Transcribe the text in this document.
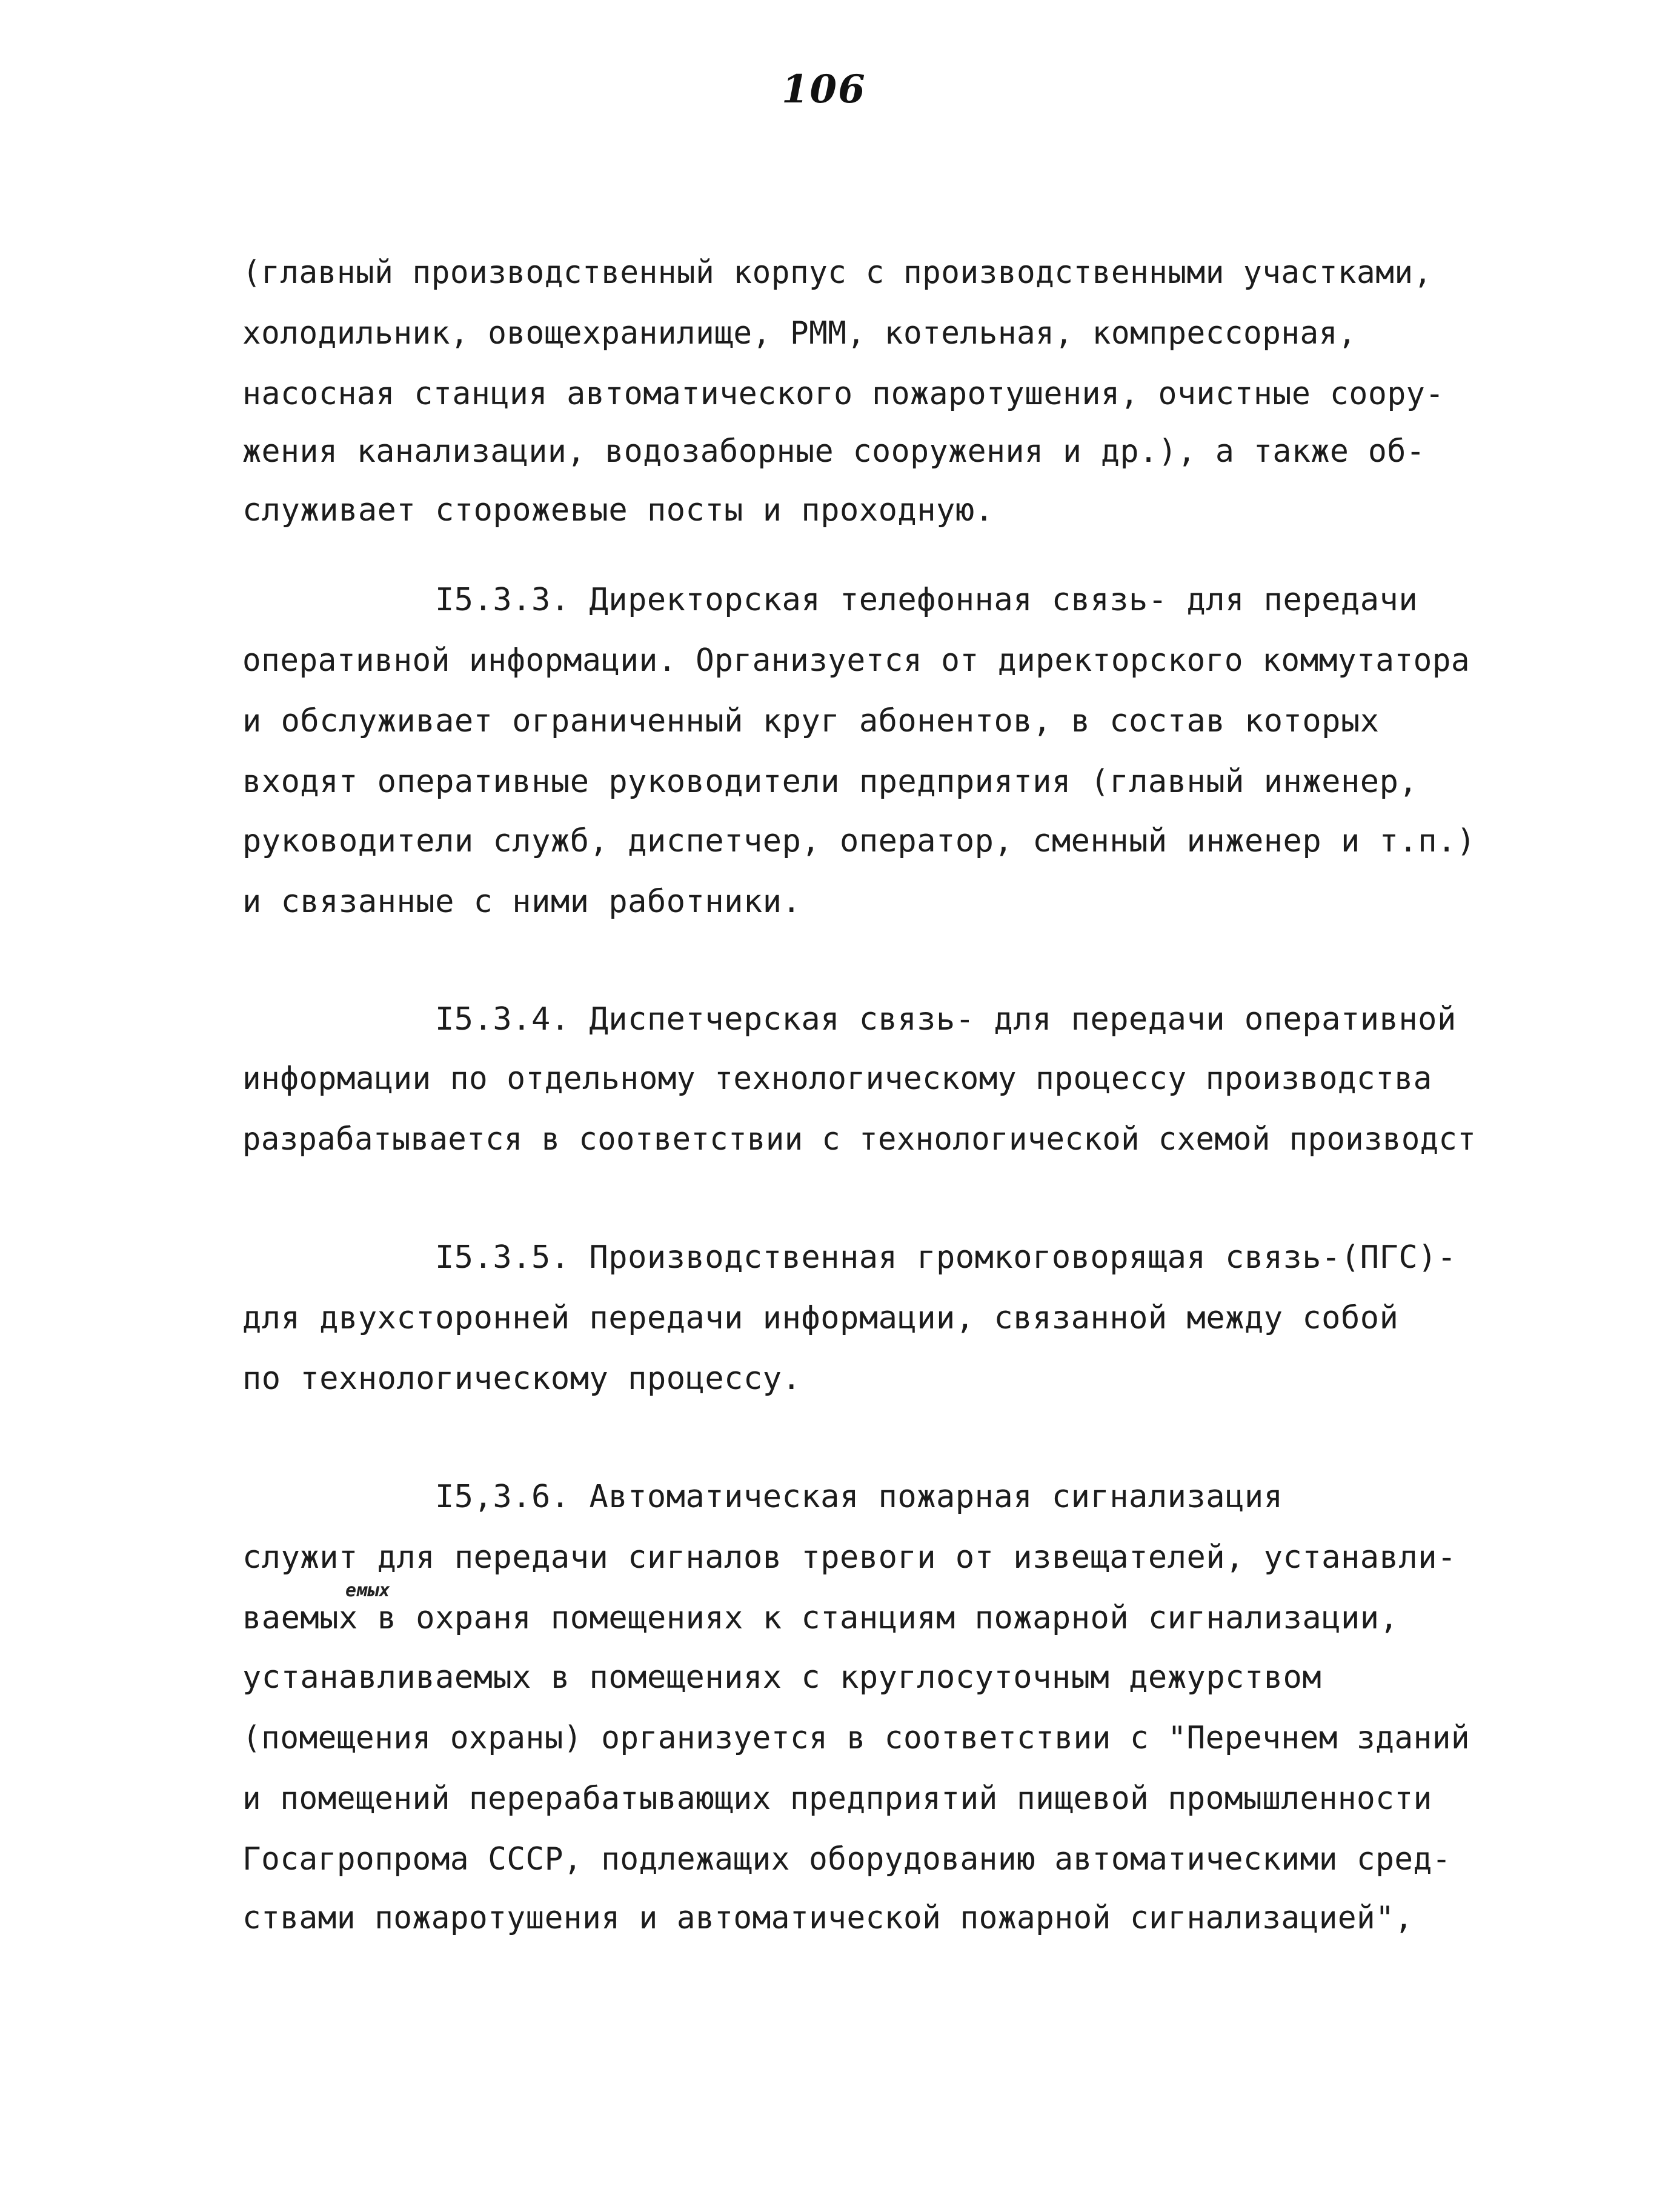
106
(главный производственный корпус с производственными участками,
холодильник, овощехранилище, РММ, котельная, компрессорная,
насосная станция автоматического пожаротушения, очистные соору-
жения канализации, водозаборные сооружения и др.), а также об-
служивает сторожевые посты и проходную.
I5.3.3. Директорская телефонная связь- для передачи
оперативной информации. Организуется от директорского коммутатора
и обслуживает ограниченный круг абонентов, в состав которых
входят оперативные руководители предприятия (главный инженер,
руководители служб, диспетчер, оператор, сменный инженер и т.п.)
и связанные с ними работники.
I5.3.4. Диспетчерская связь- для передачи оперативной
информации по отдельному технологическому процессу производства
разрабатывается в соответствии с технологической схемой производст
I5.3.5. Производственная громкоговорящая связь-(ПГС)-
для двухсторонней передачи информации, связанной между собой
по технологическому процессу.
I5,3.6. Автоматическая пожарная сигнализация
служит для передачи сигналов тревоги от извещателей, устанавли-
ваемых в охраня
емых
помещениях к станциям пожарной сигнализации,
устанавливаемых в помещениях с круглосуточным дежурством
(помещения охраны) организуется в соответствии с "Перечнем зданий
и помещений перерабатывающих предприятий пищевой промышленности
Госагропрома СССР, подлежащих оборудованию автоматическими сред-
ствами пожаротушения и автоматической пожарной сигнализацией",
